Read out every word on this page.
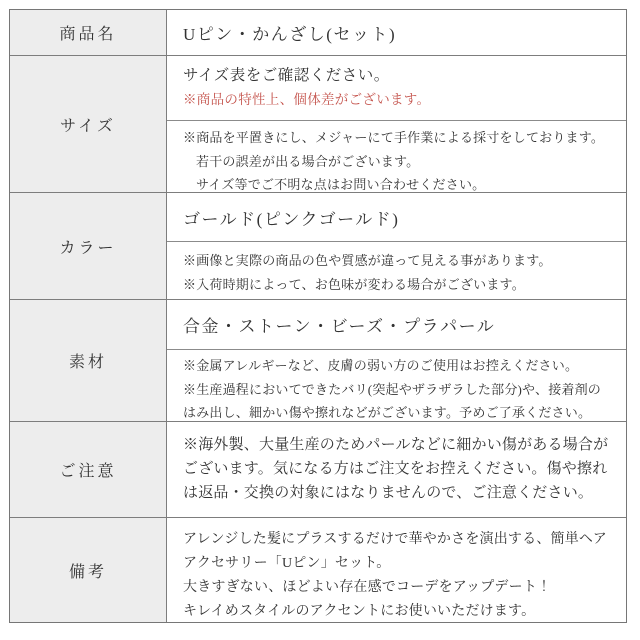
商品名	Uピン・かんざし(セット)
サイズ

サイズ表をご確認ください。

※商品の特性上、個体差がございます。

※商品を平置きにし、メジャーにて手作業による採寸をしております。

若干の誤差が出る場合がございます。

サイズ等でご不明な点はお問い合わせください。

カラー
ゴールド(ピンクゴールド)

※画像と実際の商品の色や質感が違って見える事があります。

※入荷時期によって、お色味が変わる場合がございます。

素材
合金・ストーン・ビーズ・プラパール

※金属アレルギーなど、皮膚の弱い方のご使用はお控えください。

※生産過程においてできたバリ(突起やザラザラした部分)や、接着剤のはみ出し、細かい傷や擦れなどがございます。予めご了承ください。

ご注意

※海外製、大量生産のためパールなどに細かい傷がある場合がございます。気になる方はご注文をお控えください。傷や擦れは返品・交換の対象にはなりませんので、ご注意ください。

備考

アレンジした髪にプラスするだけで華やかさを演出する、簡単ヘアアクセサリー「Uピン」セット。

大きすぎない、ほどよい存在感でコーデをアップデート！

キレイめスタイルのアクセントにお使いいただけます。
